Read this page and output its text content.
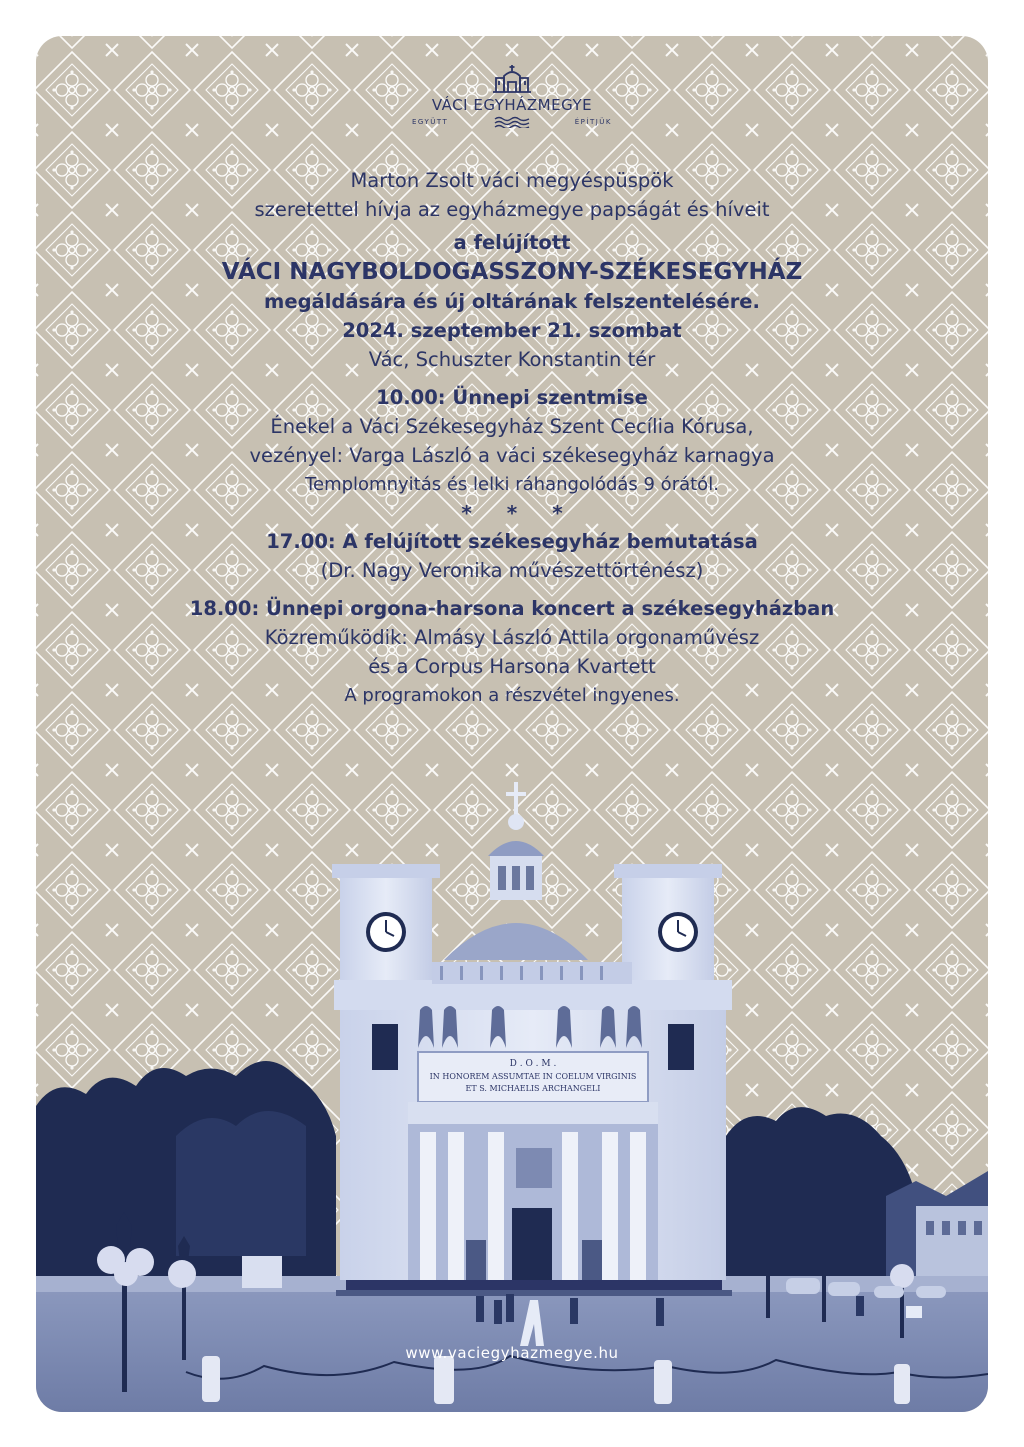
VÁCI EGYHÁZMEGYE
EGYÜTT	ÉPÍTJÜK
Marton Zsolt váci megyéspüspök
szeretettel hívja az egyházmegye papságát és híveit
a felújított
VÁCI NAGYBOLDOGASSZONY-SZÉKESEGYHÁZ
megáldására és új oltárának felszentelésére.
2024. szeptember 21. szombat
Vác, Schuszter Konstantin tér
10.00: Ünnepi szentmise
Énekel a Váci Székesegyház Szent Cecília Kórusa,
vezényel: Varga László a váci székesegyház karnagya
Templomnyitás és lelki ráhangolódás 9 órától.
* * *
17.00: A felújított székesegyház bemutatása
(Dr. Nagy Veronika művészettörténész)
18.00: Ünnepi orgona-harsona koncert a székesegyházban
Közreműködik: Almásy László Attila orgonaművész
és a Corpus Harsona Kvartett
A programokon a részvétel ingyenes.
D . O . M .
IN HONOREM ASSUMTAE IN COELUM VIRGINIS
ET S. MICHAELIS ARCHANGELI
www.vaciegyhazmegye.hu
